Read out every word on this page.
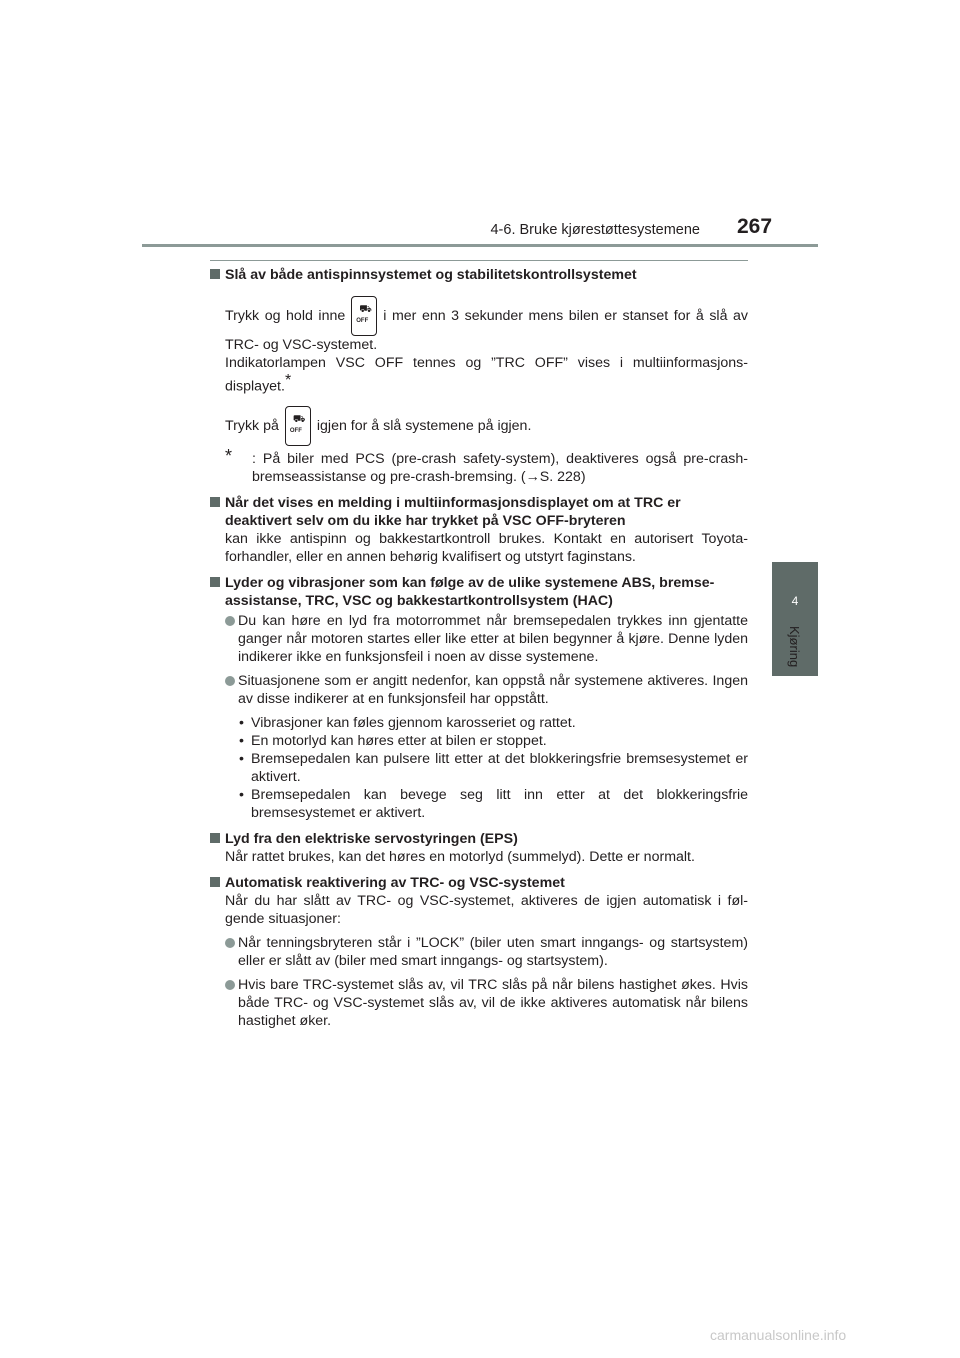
4-6. Bruke kjørestøttesystemene 267
4
Kjøring
Slå av både antispinnsystemet og stabilitetskontrollsystemet
Trykk og hold inne ⛟
OFF i mer enn 3 sekunder mens bilen er stanset for å slå av TRC- og VSC-systemet.
Indikatorlampen VSC OFF tennes og ”TRC OFF” vises i multiinformasjons-displayet.*
Trykk på ⛟
OFF igjen for å slå systemene på igjen.
* : På biler med PCS (pre-crash safety-system), deaktiveres også pre-crash-bremseassistanse og pre-crash-bremsing. (→S. 228)
Når det vises en melding i multiinformasjonsdisplayet om at TRC er deaktivert selv om du ikke har trykket på VSC OFF-bryteren
kan ikke antispinn og bakkestartkontroll brukes. Kontakt en autorisert Toyota-forhandler, eller en annen behørig kvalifisert og utstyrt faginstans.
Lyder og vibrasjoner som kan følge av de ulike systemene ABS, bremse-assistanse, TRC, VSC og bakkestartkontrollsystem (HAC)
Du kan høre en lyd fra motorrommet når bremsepedalen trykkes inn gjentatte ganger når motoren startes eller like etter at bilen begynner å kjøre. Denne lyden indikerer ikke en funksjonsfeil i noen av disse systemene.
Situasjonene som er angitt nedenfor, kan oppstå når systemene aktiveres. Ingen av disse indikerer at en funksjonsfeil har oppstått.
• Vibrasjoner kan føles gjennom karosseriet og rattet.
• En motorlyd kan høres etter at bilen er stoppet.
• Bremsepedalen kan pulsere litt etter at det blokkeringsfrie bremsesystemet er aktivert.
• Bremsepedalen kan bevege seg litt inn etter at det blokkeringsfrie bremsesystemet er aktivert.
Lyd fra den elektriske servostyringen (EPS)
Når rattet brukes, kan det høres en motorlyd (summelyd). Dette er normalt.
Automatisk reaktivering av TRC- og VSC-systemet
Når du har slått av TRC- og VSC-systemet, aktiveres de igjen automatisk i føl-gende situasjoner:
Når tenningsbryteren står i ”LOCK” (biler uten smart inngangs- og startsystem) eller er slått av (biler med smart inngangs- og startsystem).
Hvis bare TRC-systemet slås av, vil TRC slås på når bilens hastighet økes. Hvis både TRC- og VSC-systemet slås av, vil de ikke aktiveres automatisk når bilens hastighet øker.
carmanualsonline.info
